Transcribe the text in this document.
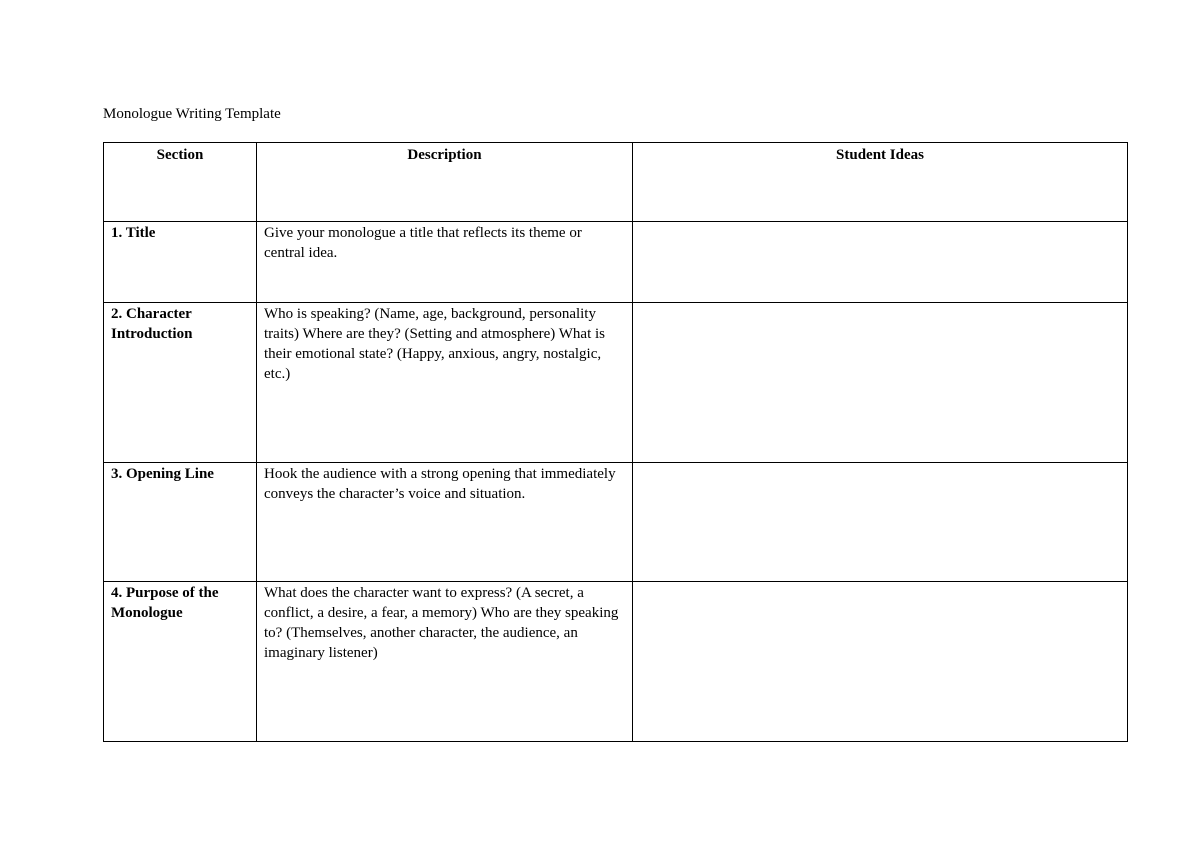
Monologue Writing Template
Section	Description	Student Ideas

1. Title	Give your monologue a title that reflects its theme or central idea.	

2. Character Introduction	Who is speaking? (Name, age, background, personality traits) Where are they? (Setting and atmosphere) What is their emotional state? (Happy, anxious, angry, nostalgic, etc.)	

3. Opening Line	Hook the audience with a strong opening that immediately conveys the character’s voice and situation.	

4. Purpose of the Monologue	What does the character want to express? (A secret, a conflict, a desire, a fear, a memory) Who are they speaking to? (Themselves, another character, the audience, an imaginary listener)	
